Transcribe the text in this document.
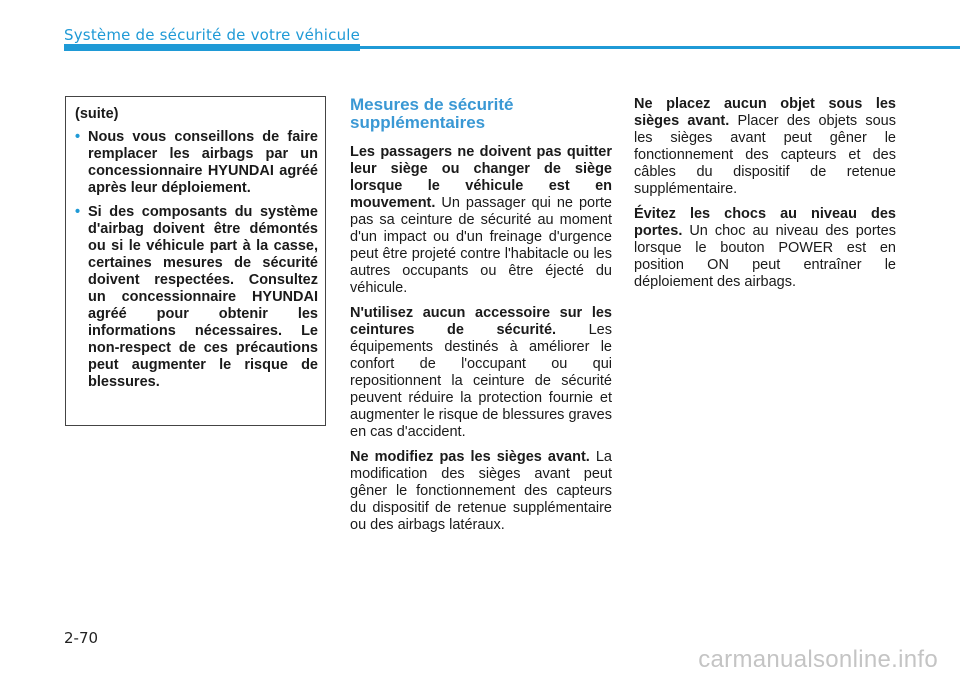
Système de sécurité de votre véhicule

(suite)

• Nous vous conseillons de faire remplacer les airbags par un concessionnaire HYUNDAI agréé après leur déploiement.

• Si des composants du système d'airbag doivent être démontés ou si le véhicule part à la casse, certaines mesures de sécurité doivent respectées. Consultez un concessionnaire HYUNDAI agréé pour obtenir les informations nécessaires. Le non-respect de ces précautions peut augmenter le risque de blessures.

Mesures de sécurité supplémentaires

Les passagers ne doivent pas quitter leur siège ou changer de siège lorsque le véhicule est en mouvement. Un passager qui ne porte pas sa ceinture de sécurité au moment d'un impact ou d'un freinage d'urgence peut être projeté contre l'habitacle ou les autres occupants ou être éjecté du véhicule.

N'utilisez aucun accessoire sur les ceintures de sécurité. Les équipements destinés à améliorer le confort de l'occupant ou qui repositionnent la ceinture de sécurité peuvent réduire la protection fournie et augmenter le risque de blessures graves en cas d'accident.

Ne modifiez pas les sièges avant. La modification des sièges avant peut gêner le fonctionnement des capteurs du dispositif de retenue supplémentaire ou des airbags latéraux.

Ne placez aucun objet sous les sièges avant. Placer des objets sous les sièges avant peut gêner le fonctionnement des capteurs et des câbles du dispositif de retenue supplémentaire.

Évitez les chocs au niveau des portes. Un choc au niveau des portes lorsque le bouton POWER est en position ON peut entraîner le déploiement des airbags.

2-70
carmanualsonline.info
